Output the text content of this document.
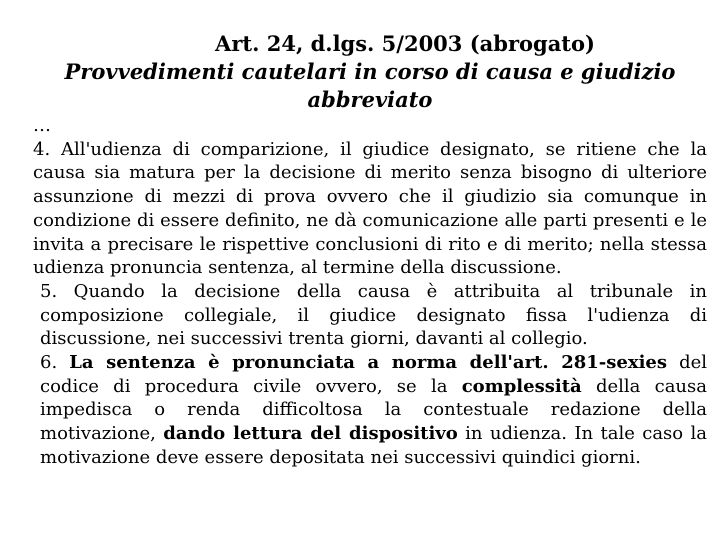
Art. 24, d.lgs. 5/2003 (abrogato)

Provvedimenti cautelari in corso di causa e giudizio abbreviato

…

4. All'udienza di comparizione, il giudice designato, se ritiene che la causa sia matura per la decisione di merito senza bisogno di ulteriore assunzione di mezzi di prova ovvero che il giudizio sia comunque in condizione di essere definito, ne dà comunicazione alle parti presenti e le invita a precisare le rispettive conclusioni di rito e di merito; nella stessa udienza pronuncia sentenza, al termine della discussione.

5. Quando la decisione della causa è attribuita al tribunale in composizione collegiale, il giudice designato fissa l'udienza di discussione, nei successivi trenta giorni, davanti al collegio.

6. La sentenza è pronunciata a norma dell'art. 281-sexies del codice di procedura civile ovvero, se la complessità della causa impedisca o renda difficoltosa la contestuale redazione della motivazione, dando lettura del dispositivo in udienza. In tale caso la motivazione deve essere depositata nei successivi quindici giorni.
